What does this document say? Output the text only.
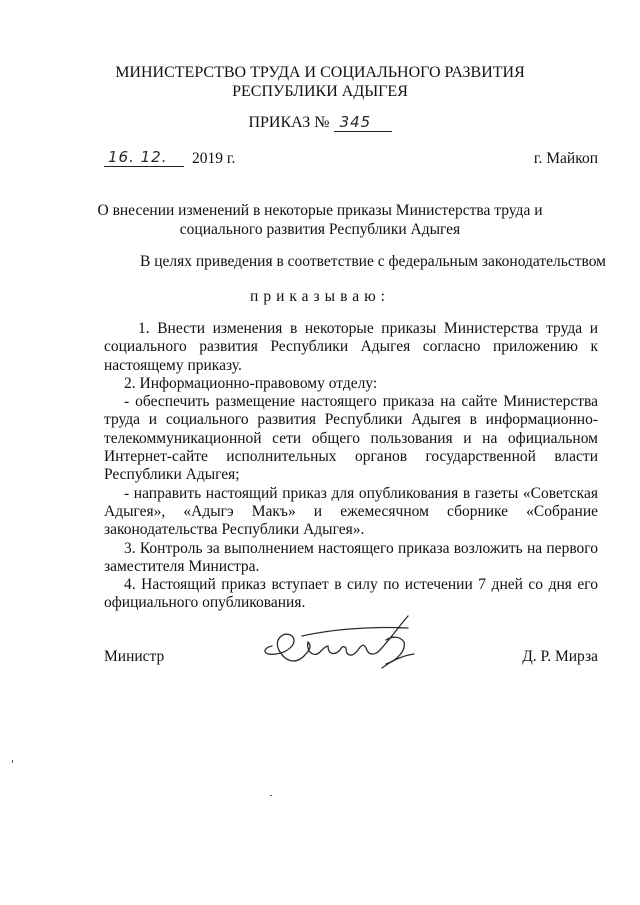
МИНИСТЕРСТВО ТРУДА И СОЦИАЛЬНОГО РАЗВИТИЯ
РЕСПУБЛИКИ АДЫГЕЯ
ПРИКАЗ № 345
16. 12.	2019 г.	г. Майкоп
О внесении изменений в некоторые приказы Министерства труда и
социального развития Республики Адыгея
В целях приведения в соответствие с федеральным законодательством
приказываю:

1. Внести изменения в некоторые приказы Министерства труда и социального развития Республики Адыгея согласно приложению к настоящему приказу.

2. Информационно-правовому отделу:

- обеспечить размещение настоящего приказа на сайте Министерства труда и социального развития Республики Адыгея в информационно-телекоммуникационной сети общего пользования и на официальном Интернет-сайте исполнительных органов государственной власти Республики Адыгея;

- направить настоящий приказ для опубликования в газеты «Советская Адыгея», «Адыгэ Макъ» и ежемесячном сборнике «Собрание законодательства Республики Адыгея».

3. Контроль за выполнением настоящего приказа возложить на первого заместителя Министра.

4. Настоящий приказ вступает в силу по истечении 7 дней со дня его официального опубликования.

Министр	Д. Р. Мирза
